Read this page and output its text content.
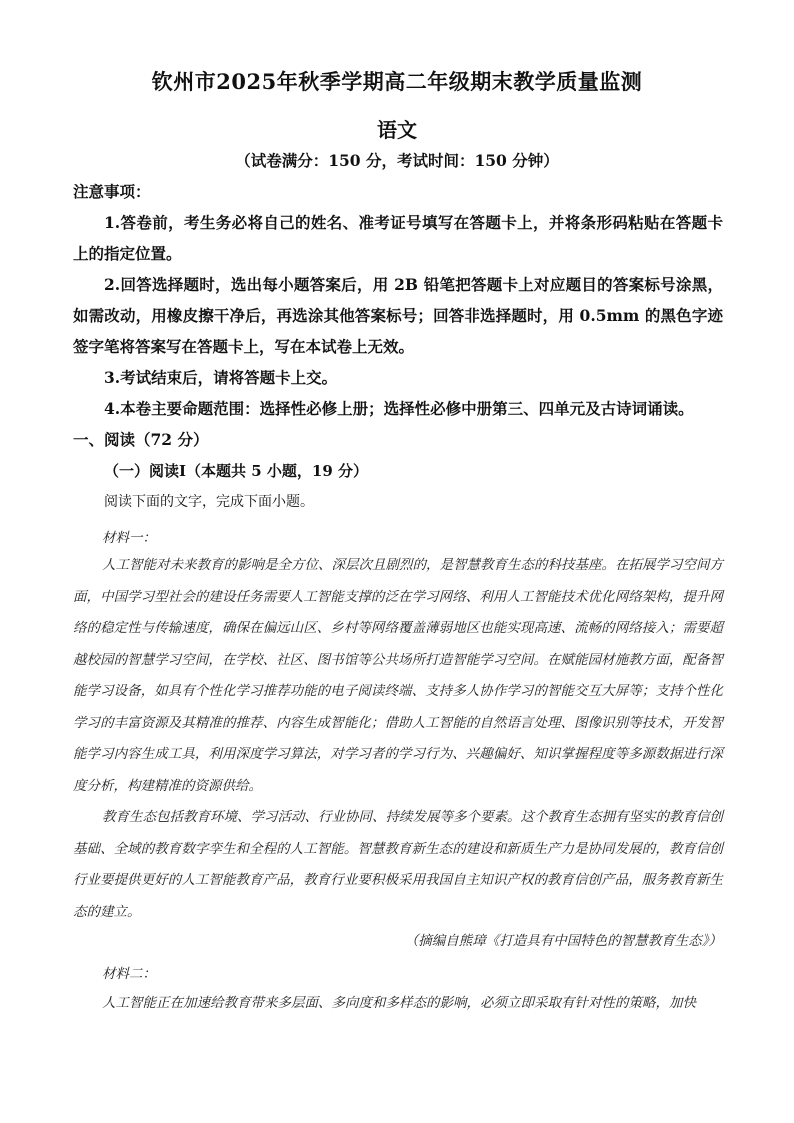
钦州市2025年秋季学期高二年级期末教学质量监测
语文
（试卷满分：150 分，考试时间：150 分钟）
注意事项：

1.答卷前，考生务必将自己的姓名、准考证号填写在答题卡上，并将条形码粘贴在答题卡上的指定位置。

2.回答选择题时，选出每小题答案后，用 2B 铅笔把答题卡上对应题目的答案标号涂黑，如需改动，用橡皮擦干净后，再选涂其他答案标号；回答非选择题时，用 0.5mm 的黑色字迹签字笔将答案写在答题卡上，写在本试卷上无效。

3.考试结束后，请将答题卡上交。

4.本卷主要命题范围：选择性必修上册；选择性必修中册第三、四单元及古诗词诵读。

一、阅读（72 分）
（一）阅读Ⅰ（本题共 5 小题，19 分）
阅读下面的文字，完成下面小题。
材料一：

人工智能对未来教育的影响是全方位、深层次且剧烈的，是智慧教育生态的科技基座。在拓展学习空间方面，中国学习型社会的建设任务需要人工智能支撑的泛在学习网络、利用人工智能技术优化网络架构，提升网络的稳定性与传输速度，确保在偏远山区、乡村等网络覆盖薄弱地区也能实现高速、流畅的网络接入；需要超越校园的智慧学习空间，在学校、社区、图书馆等公共场所打造智能学习空间。在赋能园材施教方面，配备智能学习设备，如具有个性化学习推荐功能的电子阅读终端、支持多人协作学习的智能交互大屏等；支持个性化学习的丰富资源及其精准的推荐、内容生成智能化；借助人工智能的自然语言处理、图像识别等技术，开发智能学习内容生成工具，利用深度学习算法，对学习者的学习行为、兴趣偏好、知识掌握程度等多源数据进行深度分析，构建精准的资源供给。

教育生态包括教育环境、学习活动、行业协同、持续发展等多个要素。这个教育生态拥有坚实的教育信创基础、全域的教育数字孪生和全程的人工智能。智慧教育新生态的建设和新质生产力是协同发展的，教育信创行业要提供更好的人工智能教育产品，教育行业要积极采用我国自主知识产权的教育信创产品，服务教育新生态的建立。

（摘编自熊璋《打造具有中国特色的智慧教育生态》）
材料二：

人工智能正在加速给教育带来多层面、多向度和多样态的影响，必须立即采取有针对性的策略，加快
